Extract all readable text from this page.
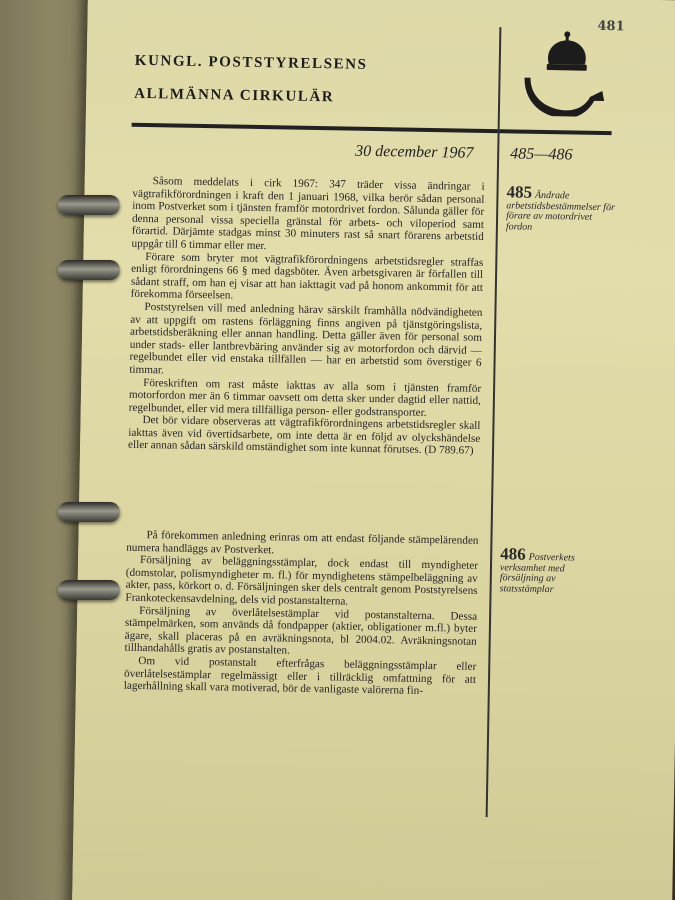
481
KUNGL. POSTSTYRELSENS
ALLMÄNNA CIRKULÄR
30 december 1967 485—486
485 Ändrade arbetstidsbestämmelser för förare av motordrivet fordon

Såsom meddelats i cirk 1967: 347 träder vissa ändringar i vägtrafikförordningen i kraft den 1 januari 1968, vilka berör sådan personal inom Postverket som i tjänsten framför motordrivet fordon. Sålunda gäller för denna personal vissa speciella gränstal för arbets- och viloperiod samt förartid. Därjämte stadgas minst 30 minuters rast så snart förarens arbetstid uppgår till 6 timmar eller mer.

Förare som bryter mot vägtrafikförordningens arbetstidsregler straffas enligt förordningens 66 § med dagsböter. Även arbetsgivaren är förfallen till sådant straff, om han ej visar att han iakttagit vad på honom ankommit för att förekomma förseelsen.

Poststyrelsen vill med anledning härav särskilt framhålla nödvändigheten av att uppgift om rastens förläggning finns angiven på tjänstgöringslista, arbetstidsberäkning eller annan handling. Detta gäller även för personal som under stads- eller lantbrevbäring använder sig av motorfordon och därvid — regelbundet eller vid enstaka tillfällen — har en arbetstid som överstiger 6 timmar.

Föreskriften om rast måste iakttas av alla som i tjänsten framför motorfordon mer än 6 timmar oavsett om detta sker under dagtid eller nattid, regelbundet, eller vid mera tillfälliga person- eller godstransporter.

Det bör vidare observeras att vägtrafikförordningens arbetstidsregler skall iakttas även vid övertidsarbete, om inte detta är en följd av olyckshändelse eller annan sådan särskild omständighet som inte kunnat förutses. (D 789.67)

486 Postverkets verksamhet med försäljning av statsstämplar

På förekommen anledning erinras om att endast följande stämpelärenden numera handläggs av Postverket.

Försäljning av beläggningsstämplar, dock endast till myndigheter (domstolar, polismyndigheter m. fl.) för myndighetens stämpelbeläggning av akter, pass, körkort o. d. Försäljningen sker dels centralt genom Poststyrelsens Frankoteckensavdelning, dels vid postanstalterna.

Försäljning av överlåtelsestämplar vid postanstalterna. Dessa stämpelmärken, som används då fondpapper (aktier, obligationer m.fl.) byter ägare, skall placeras på en avräkningsnota, bl 2004.02. Avräkningsnotan tillhandahålls gratis av postanstalten.

Om vid postanstalt efterfrågas beläggningsstämplar eller överlåtelsestämplar regelmässigt eller i tillräcklig omfattning för att lagerhållning skall vara motiverad, bör de vanligaste valörerna fin-
